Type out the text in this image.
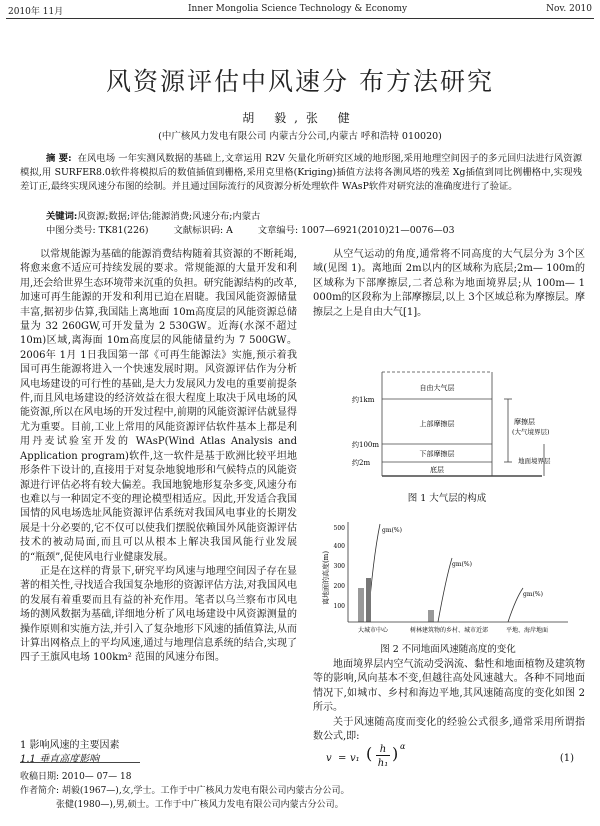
2010年 11月	Inner Mongolia Science Technology & Economy	Nov. 2010
风资源评估中风速分 布方法研究
胡 毅,张 健
(中广核风力发电有限公司 内蒙古分公司,内蒙古 呼和浩特 010020)
摘 要: 在风电场 一年实测风数据的基础上,文章运用 R2V 矢量化所研究区域的地形图,采用地理空间因子的多元回归法进行风资源模拟,用 SURFER8.0软件将模拟后的数值插值到栅格,采用克里格(Kriging)插值方法将各测风塔的残差 Xg插值到同比例栅格中,实现残差订正,最终实现风速分布图的绘制。并且通过国际流行的风资源分析处理软件 WAsP软件对研究法的准确度进行了验证。
关键词:风资源;数据;评估;能源消费;风速分布;内蒙古
中图分类号: TK81(226)	文献标识码: A	文章编号: 1007—6921(2010)21—0076—03

以常规能源为基础的能源消费结构随着其资源的不断耗竭,将愈来愈不适应可持续发展的要求。常规能源的大量开发和利用,还会给世界生态环境带来沉重的负担。研究能源结构的改革,加速可再生能源的开发和利用已迫在眉睫。我国风能资源储量丰富,据初步估算,我国陆上离地面 10m高度层的风能资源总储量为 32 260GW,可开发量为 2 530GW。近海(水深不超过 10m)区域,离海面 10m高度层的风能储量约为 7 500GW。2006年 1月 1日我国第一部《可再生能源法》实施,预示着我国可再生能源将进入一个快速发展时期。风资源评估作为分析风电场建设的可行性的基础,是大力发展风力发电的重要前提条件,而且风电场建设的经济效益在很大程度上取决于风电场的风能资源,所以在风电场的开发过程中,前期的风能资源评估就显得尤为重要。目前,工业上常用的风能资源评估软件基本上都是利用丹麦试验室开发的 WAsP(Wind Atlas Analysis and Application program)软件,这一软件是基于欧洲比较平坦地形条件下设计的,直接用于对复杂地貌地形和气候特点的风能资源进行评估必将有较大偏差。我国地貌地形复杂多变,风速分布也难以与一种固定不变的理论模型相适应。因此,开发适合我国国情的风电场选址风能资源评估系统对我国风电事业的长期发展是十分必要的,它不仅可以使我们摆脱依赖国外风能资源评估技术的被动局面,而且可以从根本上解决我国风能行业发展的“瓶颈”,促使风电行业健康发展。

正是在这样的背景下,研究平均风速与地理空间因子存在显著的相关性,寻找适合我国复杂地形的资源评估方法,对我国风电的发展有着重要而且有益的补充作用。笔者以乌兰察布市风电场的测风数据为基础,详细地分析了风电场建设中风资源测量的操作原则和实施方法,并引入了复杂地形下风速的插值算法,从而计算出网格点上的平均风速,通过与地理信息系统的结合,实现了四子王旗风电场 100km² 范围的风速分布图。

1 影响风速的主要因素
1.1 垂直高度影响

从空气运动的角度,通常将不同高度的大气层分为 3个区域(见图 1)。离地面 2m以内的区域称为底层;2m— 100m的区域称为下部摩擦层,二者总称为地面境界层;从 100m— 1 000m的区段称为上部摩擦层,以上 3个区域总称为摩擦层。摩擦层之上是自由大气[1]。

自由大气层
上部摩擦层
下部摩擦层
底层
摩擦层
(大气境界层)
地面境界层
约1km
约100m
约2m
图 1 大气层的构成
离地面的高度(m)
500
400
300
200
100
gm(%)
gm(%)
gm(%)
大城市中心	树林建筑物的乡村、城市近郊	平地、海岸地面
图 2 不同地面风速随高度的变化

地面境界层内空气流动受涡流、黏性和地面植物及建筑物等的影响,风向基本不变,但越往高处风速越大。各种不同地面情况下,如城市、乡村和海边平地,其风速随高度的变化如图 2所示。

关于风速随高度而变化的经验公式很多,通常采用所谓指数公式,即:

v = v₁ ( h
h₁
) α
(1)
收稿日期: 2010— 07— 18
作者简介: 胡毅(1967—),女,学士。工作于中广核风力发电有限公司内蒙古分公司。
张健(1980—),男,硕士。工作于中广核风力发电有限公司内蒙古分公司。
